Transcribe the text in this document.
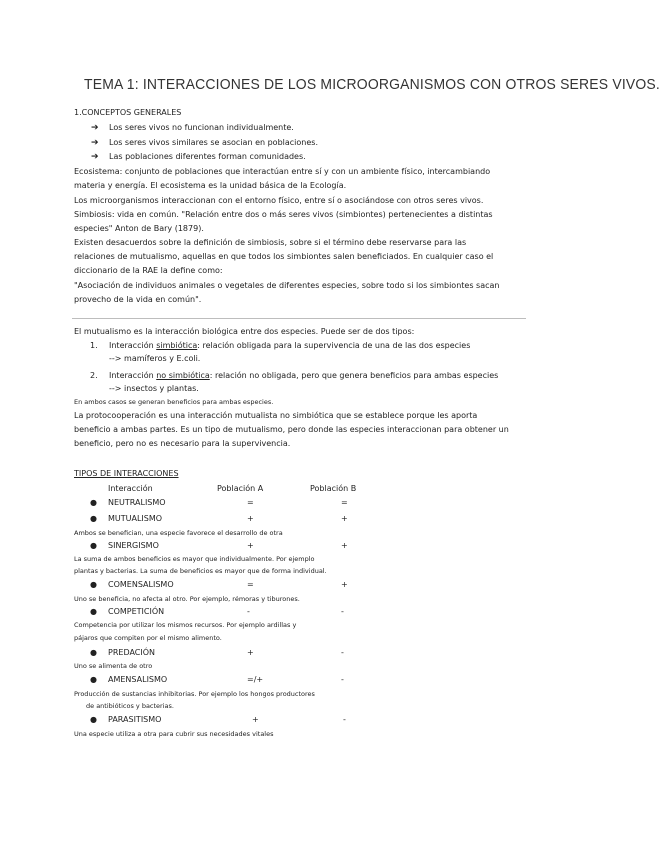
TEMA 1: INTERACCIONES DE LOS MICROORGANISMOS CON OTROS SERES VIVOS.
1.CONCEPTOS GENERALES
➔ Los seres vivos no funcionan individualmente.
➔ Los seres vivos similares se asocian en poblaciones.
➔ Las poblaciones diferentes forman comunidades.
Ecosistema: conjunto de poblaciones que interactúan entre sí y con un ambiente físico, intercambiando
materia y energía. El ecosistema es la unidad básica de la Ecología.
Los microorganismos interaccionan con el entorno físico, entre sí o asociándose con otros seres vivos.
Simbiosis: vida en común. "Relación entre dos o más seres vivos (simbiontes) pertenecientes a distintas
especies" Anton de Bary (1879).
Existen desacuerdos sobre la definición de simbiosis, sobre si el término debe reservarse para las
relaciones de mutualismo, aquellas en que todos los simbiontes salen beneficiados. En cualquier caso el
diccionario de la RAE la define como:
"Asociación de individuos animales o vegetales de diferentes especies, sobre todo si los simbiontes sacan
provecho de la vida en común".
El mutualismo es la interacción biológica entre dos especies. Puede ser de dos tipos:
1. Interacción simbiótica: relación obligada para la supervivencia de una de las dos especies
--> mamíferos y E.coli.
2. Interacción no simbiótica: relación no obligada, pero que genera beneficios para ambas especies
--> insectos y plantas.
En ambos casos se generan beneficios para ambas especies.
La protocooperación es una interacción mutualista no simbiótica que se establece porque les aporta
beneficio a ambas partes. Es un tipo de mutualismo, pero donde las especies interaccionan para obtener un
beneficio, pero no es necesario para la supervivencia.
TIPOS DE INTERACCIONES
Interacción	Población A	Población B
● NEUTRALISMO	=	=
● MUTUALISMO	+	+
Ambos se benefician, una especie favorece el desarrollo de otra
● SINERGISMO	+	+
La suma de ambos beneficios es mayor que individualmente. Por ejemplo
plantas y bacterias. La suma de beneficios es mayor que de forma individual.
● COMENSALISMO	=	+
Uno se beneficia, no afecta al otro. Por ejemplo, rémoras y tiburones.
● COMPETICIÓN	-	-
Competencia por utilizar los mismos recursos. Por ejemplo ardillas y
pájaros que compiten por el mismo alimento.
● PREDACIÓN	+	-
Uno se alimenta de otro
● AMENSALISMO	=/+	-
Producción de sustancias inhibitorias. Por ejemplo los hongos productores
de antibióticos y bacterias.
● PARASITISMO	+	-
Una especie utiliza a otra para cubrir sus necesidades vitales
